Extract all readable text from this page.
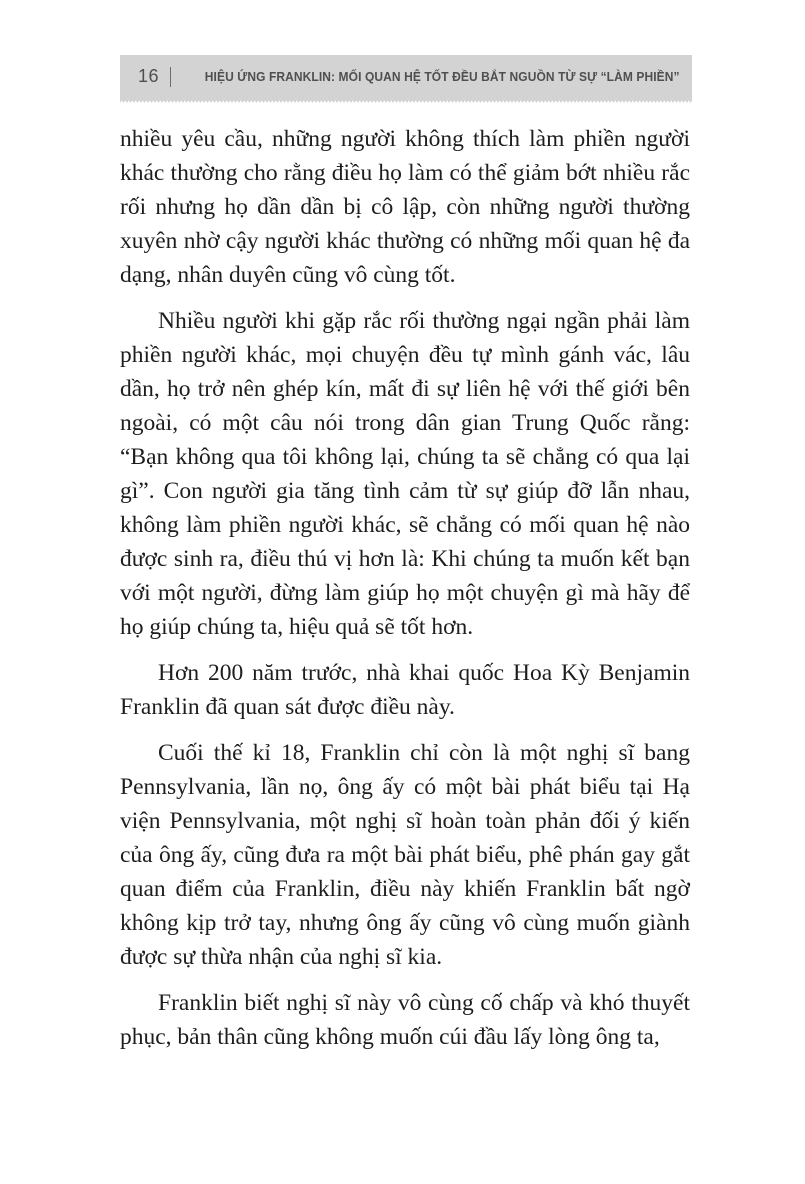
16	HIỆU ỨNG FRANKLIN: MỐI QUAN HỆ TỐT ĐỀU BẮT NGUỒN TỪ SỰ “LÀM PHIỀN”

nhiều yêu cầu, những người không thích làm phiền người khác thường cho rằng điều họ làm có thể giảm bớt nhiều rắc rối nhưng họ dần dần bị cô lập, còn những người thường xuyên nhờ cậy người khác thường có những mối quan hệ đa dạng, nhân duyên cũng vô cùng tốt.

Nhiều người khi gặp rắc rối thường ngại ngần phải làm phiền người khác, mọi chuyện đều tự mình gánh vác, lâu dần, họ trở nên ghép kín, mất đi sự liên hệ với thế giới bên ngoài, có một câu nói trong dân gian Trung Quốc rằng: “Bạn không qua tôi không lại, chúng ta sẽ chẳng có qua lại gì”. Con người gia tăng tình cảm từ sự giúp đỡ lẫn nhau, không làm phiền người khác, sẽ chẳng có mối quan hệ nào được sinh ra, điều thú vị hơn là: Khi chúng ta muốn kết bạn với một người, đừng làm giúp họ một chuyện gì mà hãy để họ giúp chúng ta, hiệu quả sẽ tốt hơn.

Hơn 200 năm trước, nhà khai quốc Hoa Kỳ Benjamin Franklin đã quan sát được điều này.

Cuối thế kỉ 18, Franklin chỉ còn là một nghị sĩ bang Pennsylvania, lần nọ, ông ấy có một bài phát biểu tại Hạ viện Pennsylvania, một nghị sĩ hoàn toàn phản đối ý kiến của ông ấy, cũng đưa ra một bài phát biểu, phê phán gay gắt quan điểm của Franklin, điều này khiến Franklin bất ngờ không kịp trở tay, nhưng ông ấy cũng vô cùng muốn giành được sự thừa nhận của nghị sĩ kia.

Franklin biết nghị sĩ này vô cùng cố chấp và khó thuyết phục, bản thân cũng không muốn cúi đầu lấy lòng ông ta,
